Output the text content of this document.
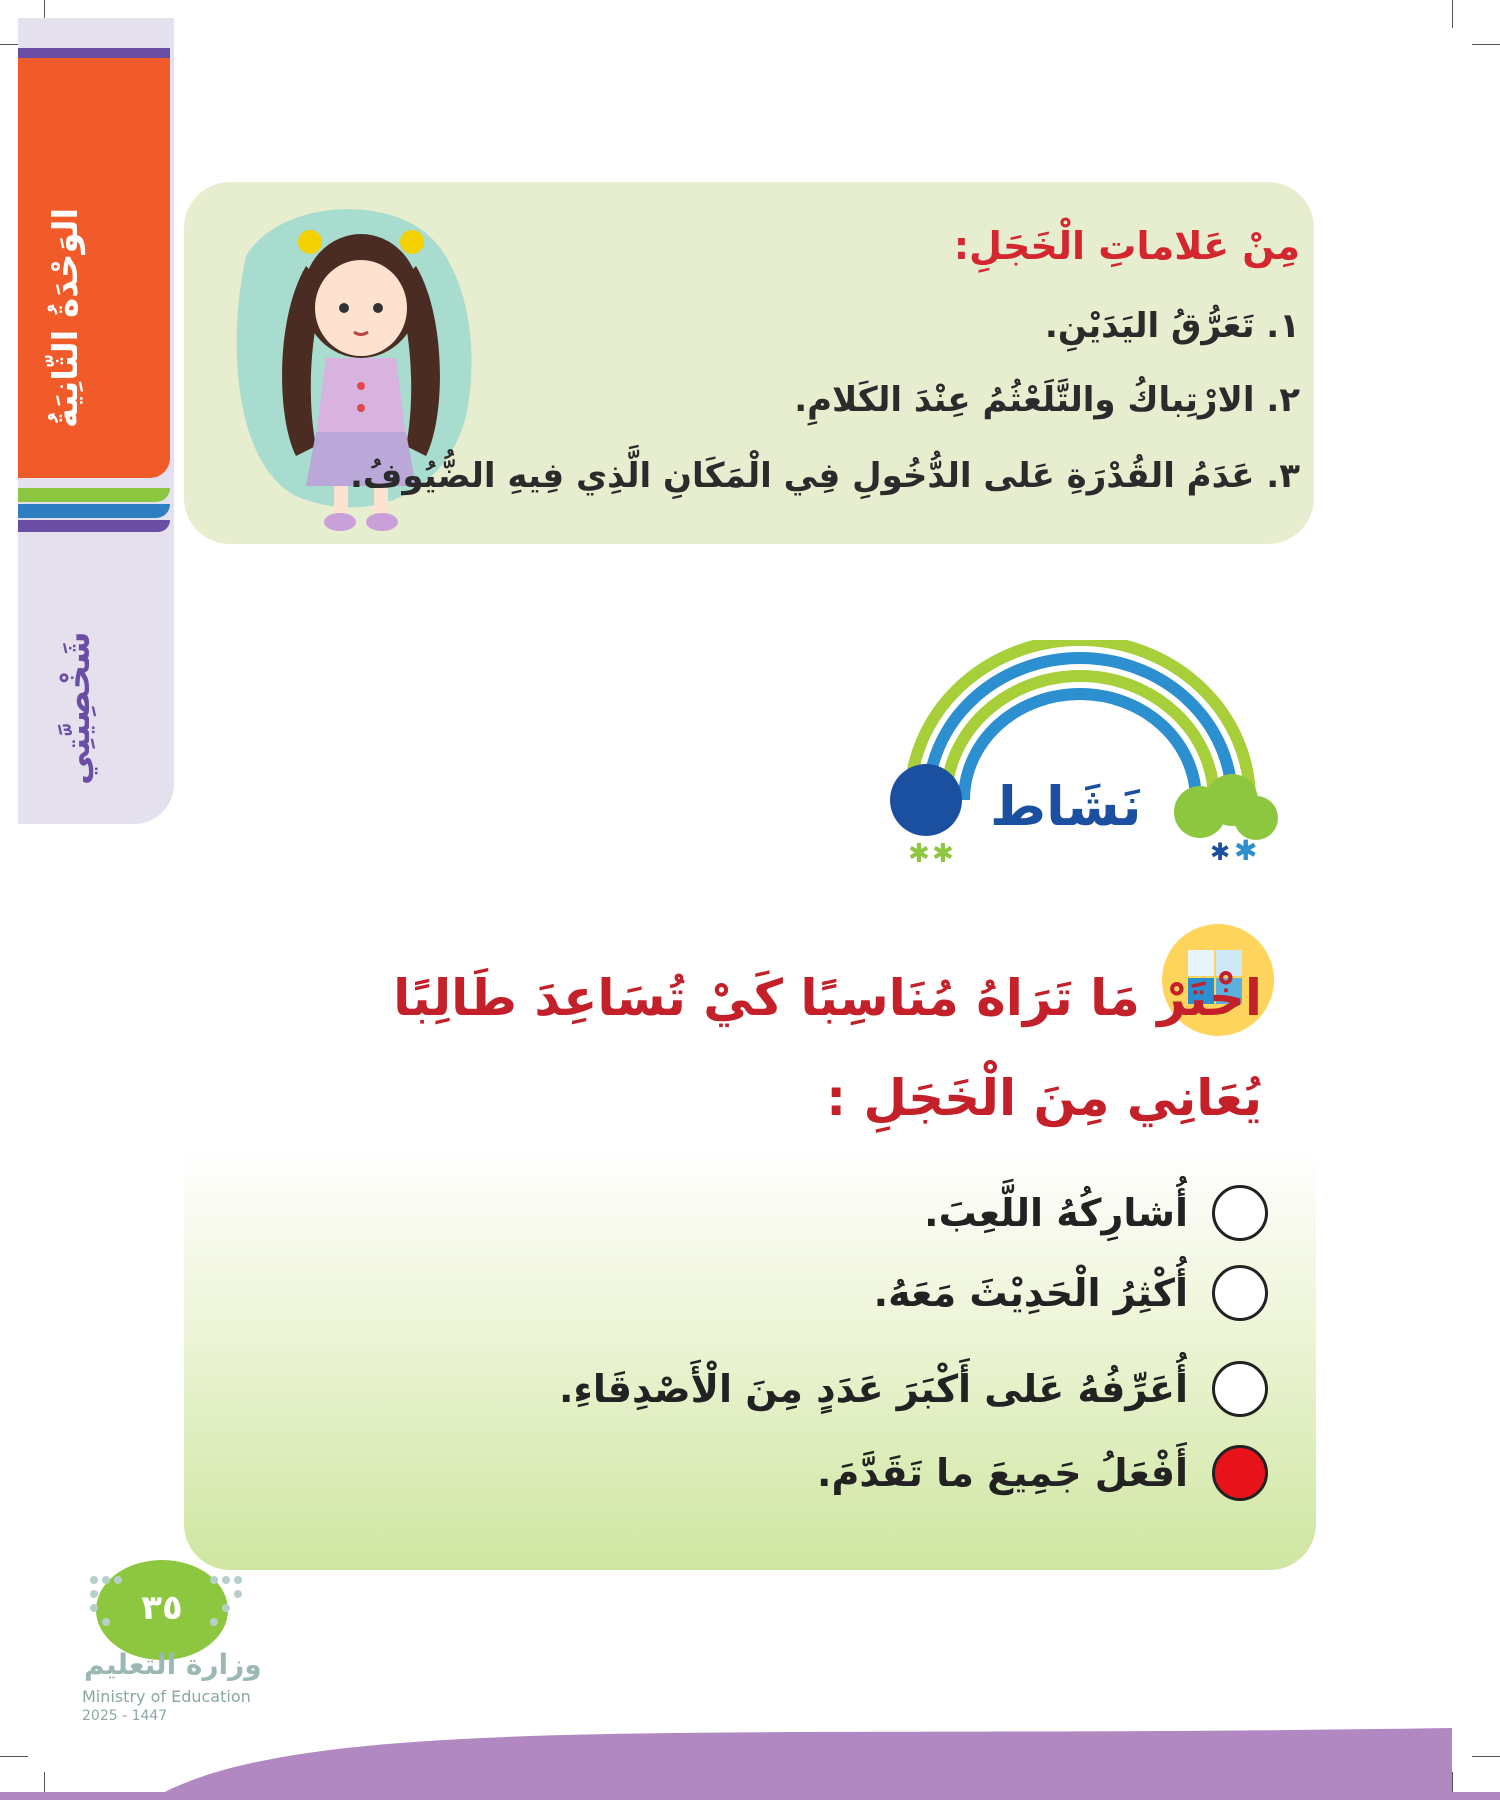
الوَحْدَةُ الثّانِيَةُ
شَخْصِيَّتِي
مِنْ عَلاماتِ الْخَجَلِ:
١. تَعَرُّقُ اليَدَيْنِ.
٢. الارْتِباكُ والتَّلَعْثُمُ عِنْدَ الكَلامِ.
٣. عَدَمُ القُدْرَةِ عَلى الدُّخُولِ فِي الْمَكَانِ الَّذِي فِيهِ الضُّيُوفُ.
✱ ✱	✱ ✱
نَشَاط
اخْتَرْ مَا تَرَاهُ مُنَاسِبًا كَيْ تُسَاعِدَ طَالِبًا يُعَانِي مِنَ الْخَجَلِ :
أُشارِكُهُ اللَّعِبَ.
أُكْثِرُ الْحَدِيْثَ مَعَهُ.
أُعَرِّفُهُ عَلى أَكْبَرَ عَدَدٍ مِنَ الْأَصْدِقَاءِ.
أَفْعَلُ جَمِيعَ ما تَقَدَّمَ.
٣٥
وزارة التعليم
Ministry of Education
2025 - 1447
